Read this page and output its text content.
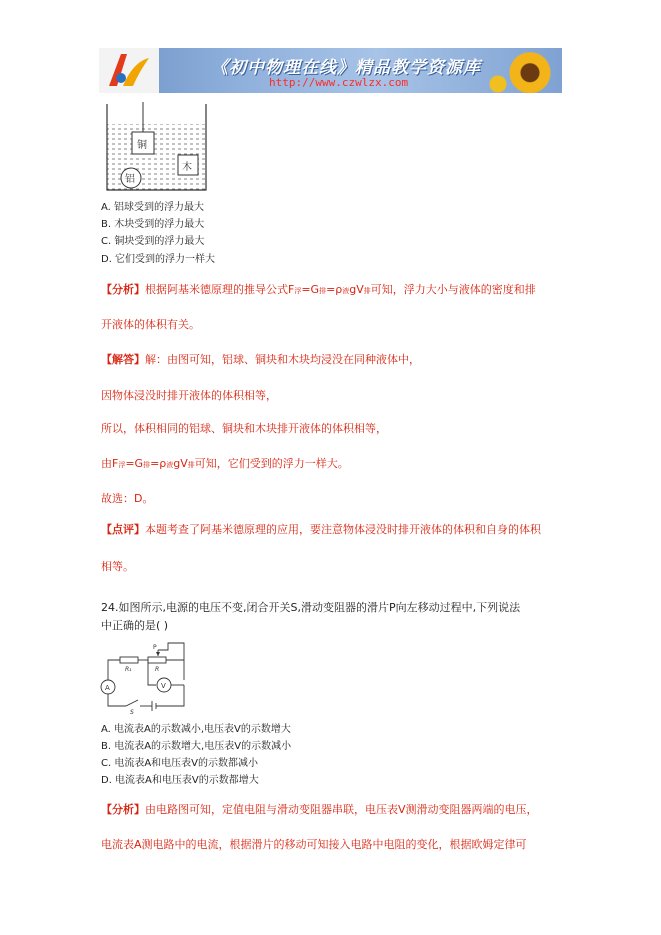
《初中物理在线》精品教学资源库
http://www.czwlzx.com
铜
木
铝
A. 铝球受到的浮力最大
B. 木块受到的浮力最大
C. 铜块受到的浮力最大
D. 它们受到的浮力一样大
【分析】根据阿基米德原理的推导公式F浮=G排=ρ液gV排可知，浮力大小与液体的密度和排
开液体的体积有关。
【解答】解：由图可知，铝球、铜块和木块均浸没在同种液体中，
因物体浸没时排开液体的体积相等，
所以，体积相同的铝球、铜块和木块排开液体的体积相等，
由F浮=G排=ρ液gV排可知，它们受到的浮力一样大。
故选：D。
【点评】本题考查了阿基米德原理的应用，要注意物体浸没时排开液体的体积和自身的体积
相等。
24.如图所示,电源的电压不变,闭合开关S,滑动变阻器的滑片P向左移动过程中,下列说法
中正确的是( )
P
R₁	R
A	V
S
A. 电流表A的示数减小,电压表V的示数增大
B. 电流表A的示数增大,电压表V的示数减小
C. 电流表A和电压表V的示数都减小
D. 电流表A和电压表V的示数都增大
【分析】由电路图可知，定值电阻与滑动变阻器串联，电压表V测滑动变阻器两端的电压，
电流表A测电路中的电流，根据滑片的移动可知接入电路中电阻的变化，根据欧姆定律可
